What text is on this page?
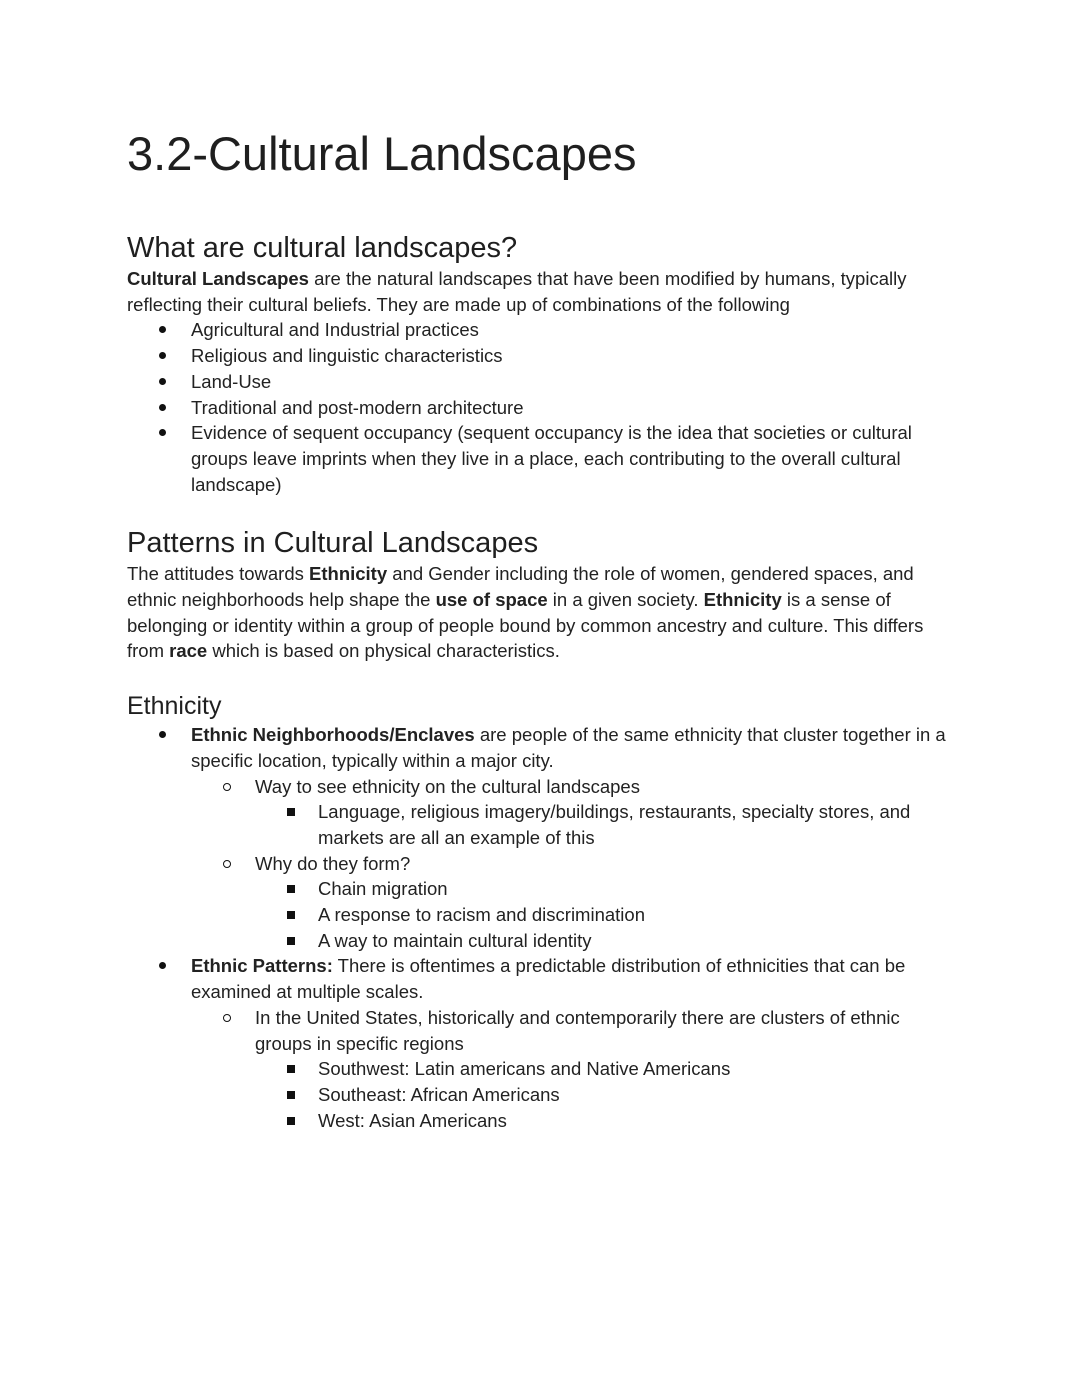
3.2-Cultural Landscapes
What are cultural landscapes?

Cultural Landscapes are the natural landscapes that have been modified by humans, typically reflecting their cultural beliefs. They are made up of combinations of the following

Agricultural and Industrial practices
Religious and linguistic characteristics
Land-Use
Traditional and post-modern architecture
Evidence of sequent occupancy (sequent occupancy is the idea that societies or cultural groups leave imprints when they live in a place, each contributing to the overall cultural landscape)
Patterns in Cultural Landscapes

The attitudes towards Ethnicity and Gender including the role of women, gendered spaces, and ethnic neighborhoods help shape the use of space in a given society. Ethnicity is a sense of belonging or identity within a group of people bound by common ancestry and culture. This differs from race which is based on physical characteristics.

Ethnicity
Ethnic Neighborhoods/Enclaves are people of the same ethnicity that cluster together in a specific location, typically within a major city.
Way to see ethnicity on the cultural landscapes
Language, religious imagery/buildings, restaurants, specialty stores, and markets are all an example of this
Why do they form?
Chain migration
A response to racism and discrimination
A way to maintain cultural identity
Ethnic Patterns: There is oftentimes a predictable distribution of ethnicities that can be examined at multiple scales.
In the United States, historically and contemporarily there are clusters of ethnic groups in specific regions
Southwest: Latin americans and Native Americans
Southeast: African Americans
West: Asian Americans
